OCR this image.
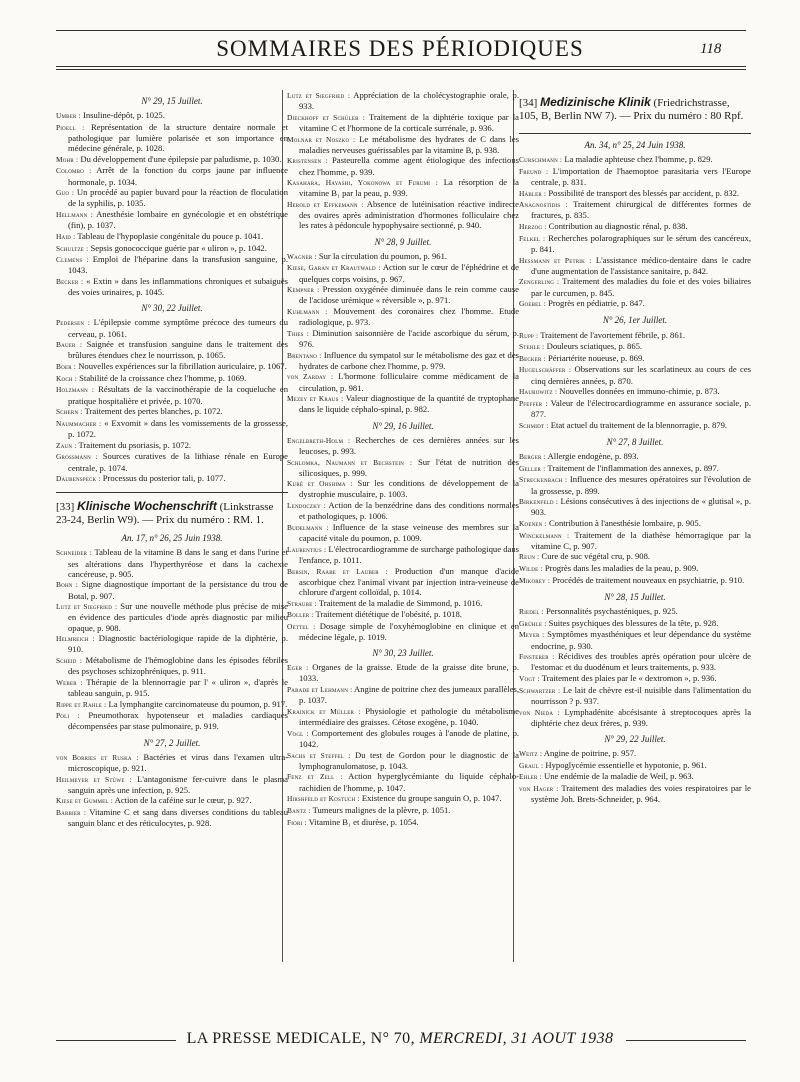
SOMMAIRES DES PÉRIODIQUES	118
N° 29, 15 Juillet.
Umber : Insuline-dépôt, p. 1025.
Pioell : Représentation de la structure dentaire normale et pathologique par lumière polarisée et son importance en médecine générale, p. 1028.
Mohr : Du développement d'une épilepsie par paludisme, p. 1030.
Colombo : Arrêt de la fonction du corps jaune par influence hormonale, p. 1034.
Guo : Un procédé au papier buvard pour la réaction de floculation de la syphilis, p. 1035.
Hellmann : Anesthésie lombaire en gynécologie et en obstétrique (fin), p. 1037.
Haid : Tableau de l'hypoplasie congénitale du pouce p. 1041.
Schultze : Sepsis gonococcique guérie par « uliron », p. 1042.
Clemens : Emploi de l'héparine dans la transfusion sanguine, p. 1043.
Becker : « Extin » dans les inflammations chroniques et subaiguës des voies urinaires, p. 1045.
N° 30, 22 Juillet.
Pedersen : L'épilepsie comme symptôme précoce des tumeurs du cerveau, p. 1061.
Bauer : Saignée et transfusion sanguine dans le traitement des brûlures étendues chez le nourrisson, p. 1065.
Boer : Nouvelles expériences sur la fibrillation auriculaire, p. 1067.
Koch : Stabilité de la croissance chez l'homme, p. 1069.
Holzmann : Résultats de la vaccinothérapie de la coqueluche en pratique hospitalière et privée, p. 1070.
Schern : Traitement des pertes blanches, p. 1072.
Naummacher : « Exvomit » dans les vomissements de la grossesse, p. 1072.
Zaun : Traitement du psoriasis, p. 1072.
Grossmann : Sources curatives de la lithiase rénale en Europe centrale, p. 1074.
Daubenspeck : Processus du posterior tali, p. 1077.
[33] Klinische Wochenschrift (Linkstrasse 23-24, Berlin W9). — Prix du numéro : RM. 1.
An. 17, n° 26, 25 Juin 1938.
Schneider : Tableau de la vitamine B dans le sang et dans l'urine et ses altérations dans l'hyperthyréose et dans la cachexie cancéreuse, p. 905.
Bohn : Signe diagnostique important de la persistance du trou de Botal, p. 907.
Lutz et Siegfried : Sur une nouvelle méthode plus précise de mise en évidence des particules d'iode après diagnostic par milieu opaque, p. 908.
Helmreich : Diagnostic bactériologique rapide de la diphtérie, p. 910.
Scheid : Métabolisme de l'hémoglobine dans les épisodes fébriles des psychoses schizophréniques, p. 911.
Weber : Thérapie de la blennorragie par l' « uliron », d'après le tableau sanguin, p. 915.
Rippe et Rahle : La lymphangite carcinomateuse du poumon, p. 917.
Poli : Pneumothorax hypotenseur et maladies cardiaques décompensées par stase pulmonaire, p. 919.
N° 27, 2 Juillet.
von Borries et Ruska : Bactéries et virus dans l'examen ultra-microscopique, p. 921.
Heilmeyer et Stüwe : L'antagonisme fer-cuivre dans le plasma sanguin après une infection, p. 925.
Kiese et Gummel : Action de la caféine sur le cœur, p. 927.
Barbier : Vitamine C et sang dans diverses conditions du tableau sanguin blanc et des réticulocytes, p. 928.
Lutz et Siegfried : Appréciation de la cholécystographie orale, p. 933.
Dieckhoff et Schüler : Traitement de la diphtérie toxique par la vitamine C et l'hormone de la corticale surrénale, p. 936.
Molnar et Noszko : Le métabolisme des hydrates de C dans les maladies nerveuses guérissables par la vitamine B, p. 938.
Kristensen : Pasteurella comme agent étiologique des infections chez l'homme, p. 939.
Kasahara, Hayashi, Yokonowa et Furumi : La résorption de la vitamine B₁ par la peau, p. 939.
Herold et Effkemann : Absence de lutéinisation réactive indirecte des ovaires après administration d'hormones folliculaire chez les rates à pédoncule hypophysaire sectionné, p. 940.
N° 28, 9 Juillet.
Wagner : Sur la circulation du poumon, p. 961.
Kiese, Garan et Krautwald : Action sur le cœur de l'éphédrine et de quelques corps voisins, p. 967.
Kempner : Pression oxygénée diminuée dans le rein comme cause de l'acidose urémique « réversible », p. 971.
Kuhlmann : Mouvement des coronaires chez l'homme. Etude radiologique, p. 973.
Thies : Diminution saisonnière de l'acide ascorbique du sérum, p. 976.
Brentano : Influence du sympatol sur le métabolisme des gaz et des hydrates de carbone chez l'homme, p. 979.
von Zarday : L'hormone folliculaire comme médicament de la circulation, p. 981.
Mezey et Kraus : Valeur diagnostique de la quantité de tryptophane dans le liquide céphalo-spinal, p. 982.
N° 29, 16 Juillet.
Engelbreth-Holm : Recherches de ces dernières années sur les leucoses, p. 993.
Schlomka, Naumann et Bechstein : Sur l'état de nutrition des silicosiques, p. 999.
Kuré et Ohshima : Sur les conditions de développement de la dystrophie musculaire, p. 1003.
Lendoczky : Action de la benzédrine dans des conditions normales et pathologiques, p. 1006.
Budelmann : Influence de la stase veineuse des membres sur la capacité vitale du poumon, p. 1009.
Laurentius : L'électrocardiogramme de surcharge pathologique dans l'enfance, p. 1011.
Bersin, Raabe et Lauber : Production d'un manque d'acide ascorbique chez l'animal vivant par injection intra-veineuse de chlorure d'argent colloïdal, p. 1014.
Straube : Traitement de la maladie de Simmond, p. 1016.
Boller : Traitement diététique de l'obésité, p. 1018.
Oettel : Dosage simple de l'oxyhémoglobine en clinique et en médecine légale, p. 1019.
N° 30, 23 Juillet.
Eger : Organes de la graisse. Etude de la graisse dite brune, p. 1033.
Parade et Lehmann : Angine de poitrine chez des jumeaux parallèles, p. 1037.
Krainick et Müller : Physiologie et pathologie du métabolisme intermédiaire des graisses. Cétose exogène, p. 1040.
Vogl : Comportement des globules rouges à l'anode de platine, p. 1042.
Sachs et Steffel : Du test de Gordon pour le diagnostic de la lymphogranulomatose, p. 1043.
Fenz et Zell : Action hyperglycémiante du liquide céphalo-rachidien de l'homme, p. 1047.
Hirshfeld et Kostuch : Existence du groupe sanguin O, p. 1047.
Bantz : Tumeurs malignes de la plèvre, p. 1051.
Fiori : Vitamine B₁ et diurèse, p. 1054.
[34] Medizinische Klinik (Friedrichstrasse, 105, B, Berlin NW 7). — Prix du numéro : 80 Rpf.
An. 34, n° 25, 24 Juin 1938.
Curschmann : La maladie aphteuse chez l'homme, p. 829.
Freund : L'importation de l'haemoptoe parasitaria vers l'Europe centrale, p. 831.
Habler : Possibilité de transport des blessés par accident, p. 832.
Anagnostidis : Traitement chirurgical de différentes formes de fractures, p. 835.
Herzog : Contribution au diagnostic rénal, p. 838.
Felkel : Recherches polarographiques sur le sérum des cancéreux, p. 841.
Hessmann et Petrik : L'assistance médico-dentaire dans le cadre d'une augmentation de l'assistance sanitaire, p. 842.
Zengerling : Traitement des maladies du foie et des voies biliaires par le curcumen, p. 845.
Goebel : Progrès en pédiatrie, p. 847.
N° 26, 1er Juillet.
Rupp : Traitement de l'avortement fébrile, p. 861.
Stehle : Douleurs sciatiques, p. 865.
Becker : Périartérite noueuse, p. 869.
Hugelschäffer : Observations sur les scarlatineux au cours de ces cinq dernières années, p. 870.
Haurowitz : Nouvelles données en immuno-chimie, p. 873.
Pfeffer : Valeur de l'électrocardiogramme en assurance sociale, p. 877.
Schmidt : Etat actuel du traitement de la blennorragie, p. 879.
N° 27, 8 Juillet.
Berger : Allergie endogène, p. 893.
Geller : Traitement de l'inflammation des annexes, p. 897.
Streckenbach : Influence des mesures opératoires sur l'évolution de la grossesse, p. 899.
Birkenfeld : Lésions consécutives à des injections de « glutisal », p. 903.
Koenen : Contribution à l'anesthésie lombaire, p. 905.
Winckelmann : Traitement de la diathèse hémorragique par la vitamine C, p. 907.
Reun : Cure de suc végétal cru, p. 908.
Wilde : Progrès dans les maladies de la peau, p. 909.
Mikorey : Procédés de traitement nouveaux en psychiatrie, p. 910.
N° 28, 15 Juillet.
Riedel : Personnalités psychasténiques, p. 925.
Grühle : Suites psychiques des blessures de la tête, p. 928.
Meyer : Symptômes myasthéniques et leur dépendance du système endocrine, p. 930.
Finsterer : Récidives des troubles après opération pour ulcère de l'estomac et du duodénum et leurs traitements, p. 933.
Vogt : Traitement des plaies par le « dextromon », p. 936.
Schwartzer : Le lait de chèvre est-il nuisible dans l'alimentation du nourrisson ? p. 937.
von Nieda : Lymphadénite abcésisante à streptocoques après la diphtérie chez deux frères, p. 939.
N° 29, 22 Juillet.
Weitz : Angine de poitrine, p. 957.
Graul : Hypoglycémie essentielle et hypotonie, p. 961.
Ehler : Une endémie de la maladie de Weil, p. 963.
von Hager : Traitement des maladies des voies respiratoires par le système Joh. Brets-Schneider, p. 964.
LA PRESSE MEDICALE, N° 70, MERCREDI, 31 AOUT 1938
